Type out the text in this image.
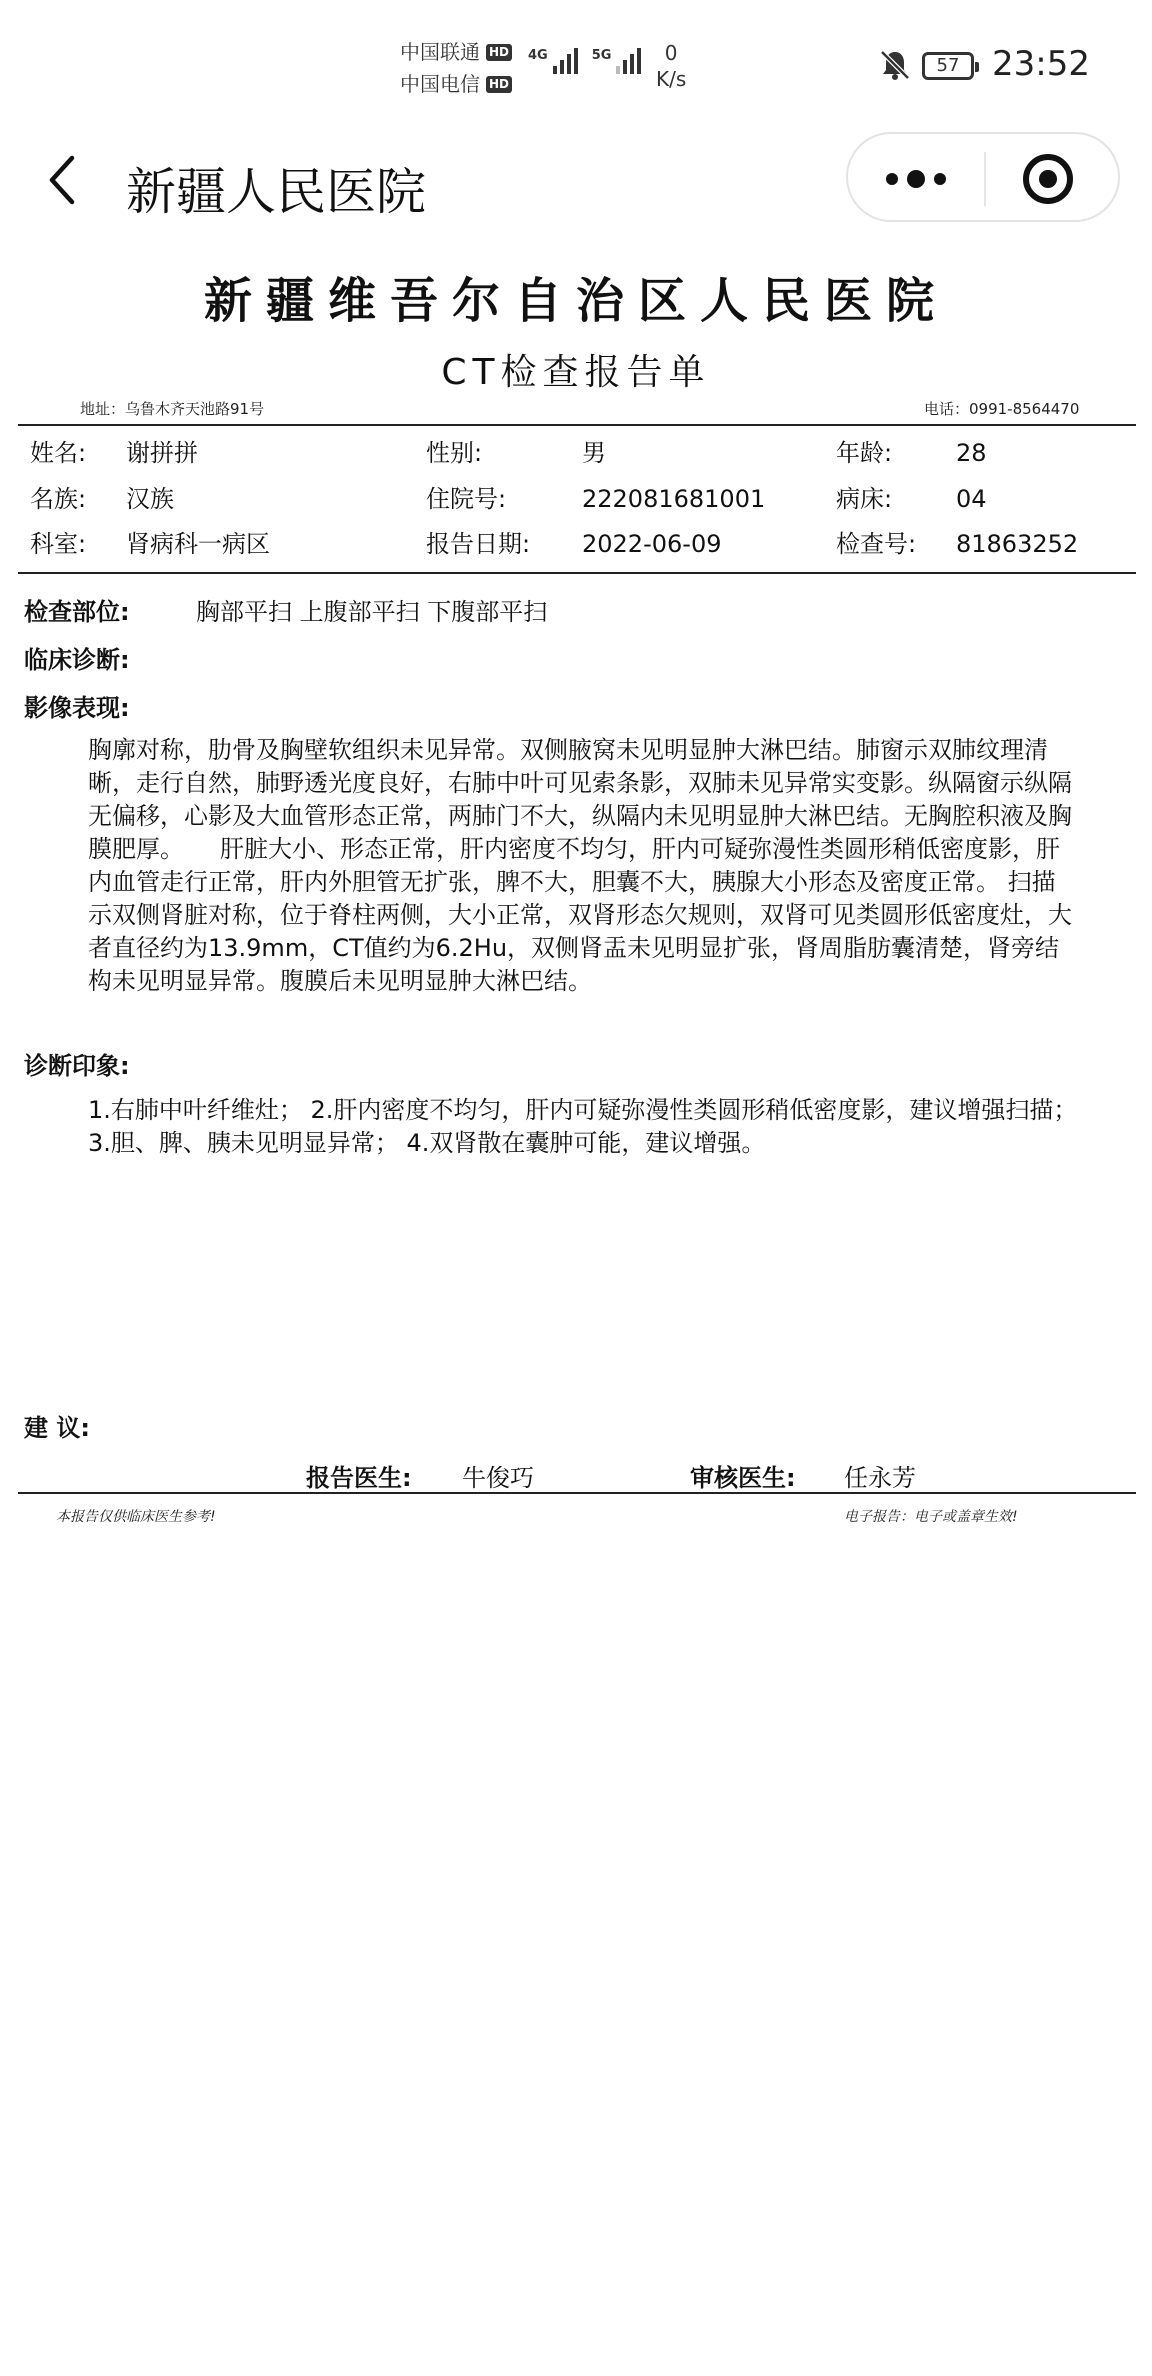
中国联通 HD
中国电信 HD
4G	5G	0
K/s
57 23:52
新疆人民医院
新疆维吾尔自治区人民医院
CT检查报告单
地址：乌鲁木齐天池路91号	电话：0991-8564470
姓名: 谢拼拼	性别:	男	年龄:	28
名族: 汉族	住院号:	222081681001	病床:	04
科室: 肾病科一病区	报告日期: 2022-06-09	检查号: 81863252
检查部位:	胸部平扫 上腹部平扫 下腹部平扫
临床诊断:
影像表现:
胸廓对称，肋骨及胸壁软组织未见异常。双侧腋窝未见明显肿大淋巴结。肺窗示双肺纹理清晰，走行自然，肺野透光度良好，右肺中叶可见索条影，双肺未见异常实变影。纵隔窗示纵隔无偏移，心影及大血管形态正常，两肺门不大，纵隔内未见明显肿大淋巴结。无胸腔积液及胸膜肥厚。　　肝脏大小、形态正常，肝内密度不均匀，肝内可疑弥漫性类圆形稍低密度影，肝内血管走行正常，肝内外胆管无扩张，脾不大，胆囊不大，胰腺大小形态及密度正常。 扫描示双侧肾脏对称，位于脊柱两侧，大小正常，双肾形态欠规则，双肾可见类圆形低密度灶，大者直径约为13.9mm，CT值约为6.2Hu，双侧肾盂未见明显扩张，肾周脂肪囊清楚，肾旁结构未见明显异常。腹膜后未见明显肿大淋巴结。
诊断印象:
1.右肺中叶纤维灶； 2.肝内密度不均匀，肝内可疑弥漫性类圆形稍低密度影，建议增强扫描； 3.胆、脾、胰未见明显异常； 4.双肾散在囊肿可能，建议增强。
建 议:
报告医生: 牛俊巧	审核医生: 任永芳
本报告仅供临床医生参考!	电子报告：电子或盖章生效!
